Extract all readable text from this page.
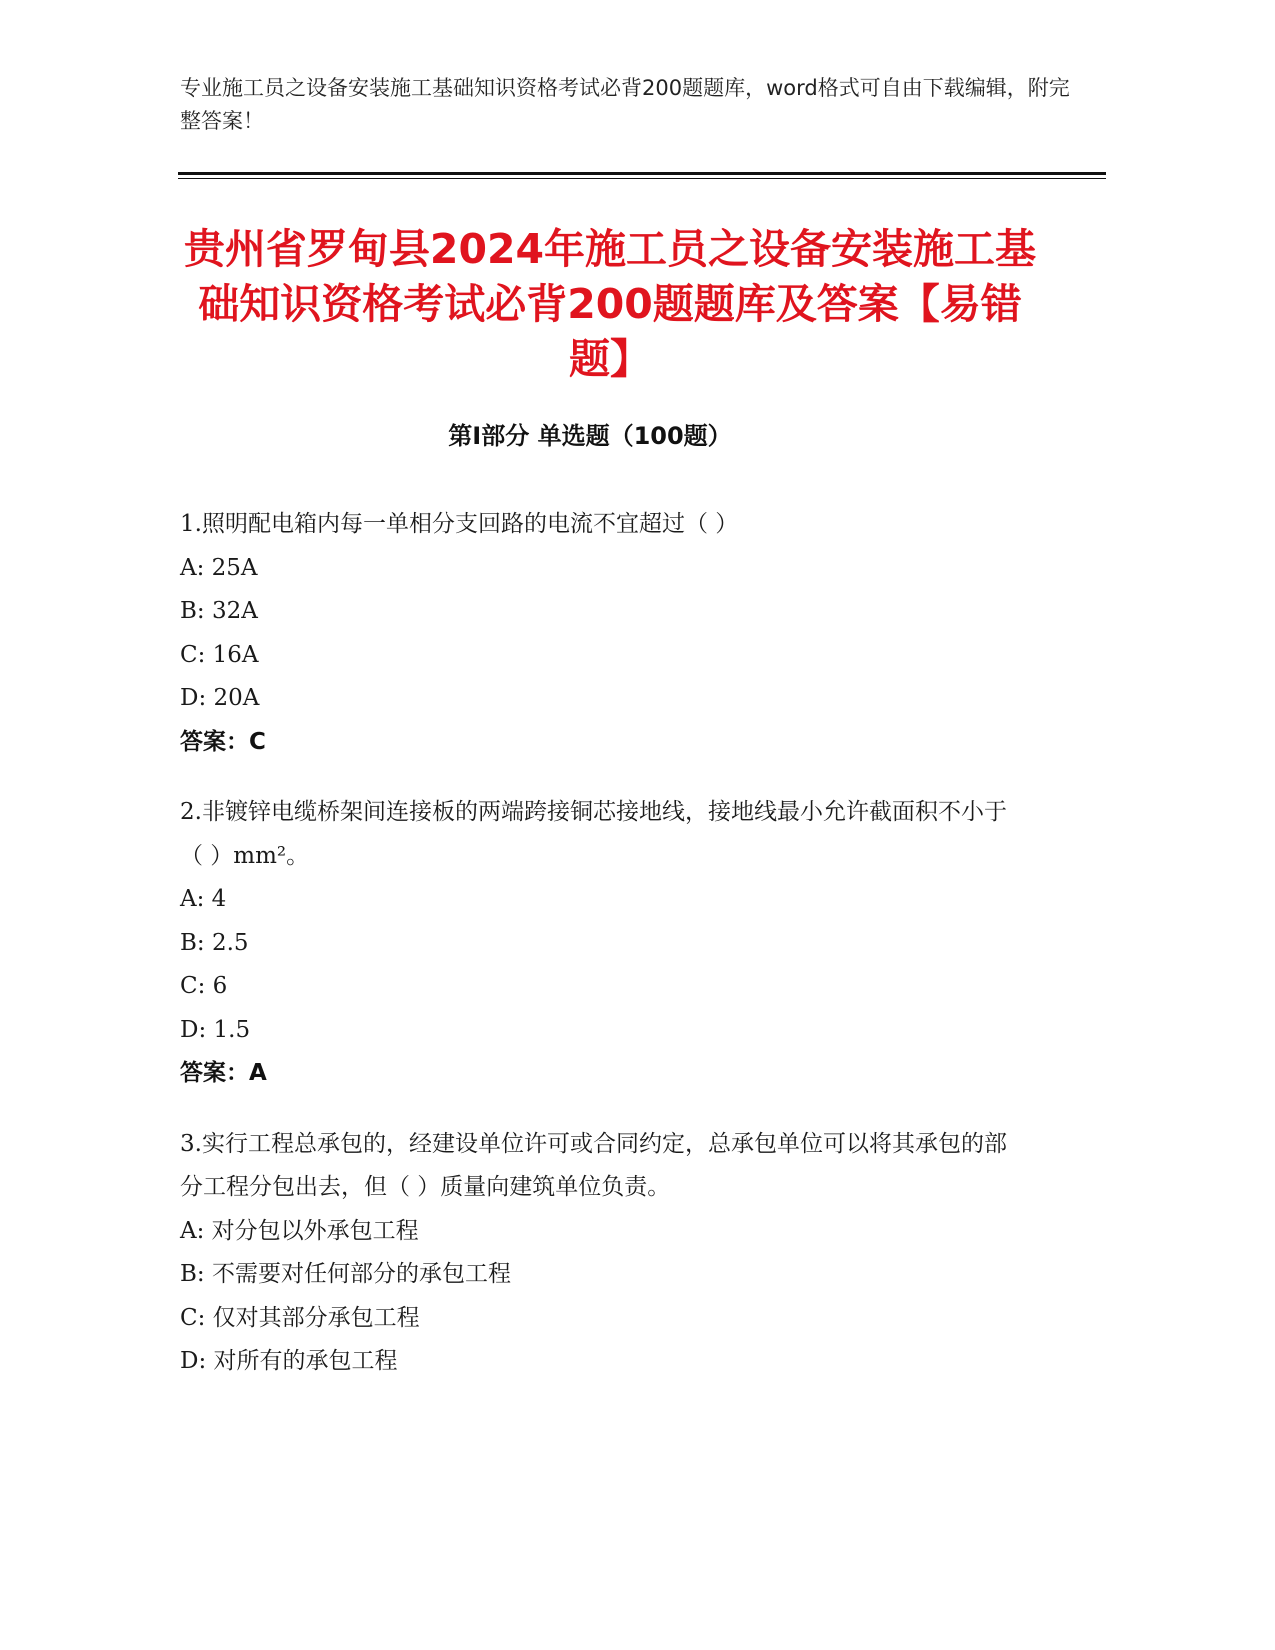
专业施工员之设备安装施工基础知识资格考试必背200题题库，word格式可自由下载编辑，附完整答案！
贵州省罗甸县2024年施工员之设备安装施工基础知识资格考试必背200题题库及答案【易错题】
第I部分 单选题（100题）
1.照明配电箱内每一单相分支回路的电流不宜超过（ ）
A: 25A
B: 32A
C: 16A
D: 20A
答案：C
2.非镀锌电缆桥架间连接板的两端跨接铜芯接地线，接地线最小允许截面积不小于（ ）mm²。
A: 4
B: 2.5
C: 6
D: 1.5
答案：A
3.实行工程总承包的，经建设单位许可或合同约定，总承包单位可以将其承包的部分工程分包出去，但（ ）质量向建筑单位负责。
A: 对分包以外承包工程
B: 不需要对任何部分的承包工程
C: 仅对其部分承包工程
D: 对所有的承包工程
